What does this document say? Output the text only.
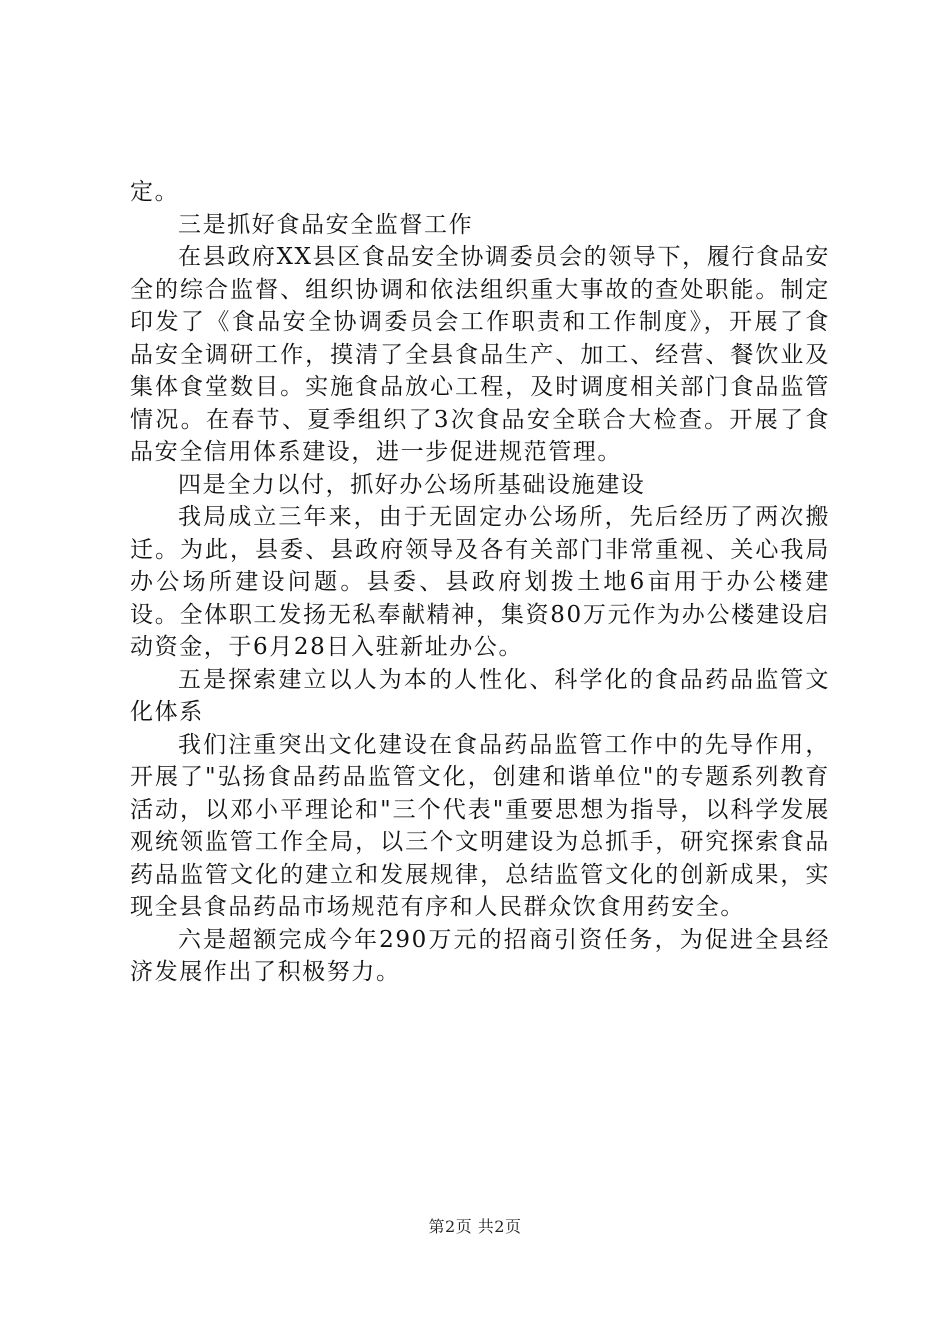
定。

三是抓好食品安全监督工作

在县政府XX县区食品安全协调委员会的领导下，履行食品安全的综合监督、组织协调和依法组织重大事故的查处职能。制定印发了《食品安全协调委员会工作职责和工作制度》，开展了食品安全调研工作，摸清了全县食品生产、加工、经营、餐饮业及集体食堂数目。实施食品放心工程，及时调度相关部门食品监管情况。在春节、夏季组织了3次食品安全联合大检查。开展了食品安全信用体系建设，进一步促进规范管理。

四是全力以付，抓好办公场所基础设施建设

我局成立三年来，由于无固定办公场所，先后经历了两次搬迁。为此，县委、县政府领导及各有关部门非常重视、关心我局办公场所建设问题。县委、县政府划拨土地6亩用于办公楼建设。全体职工发扬无私奉献精神，集资80万元作为办公楼建设启动资金，于6月28日入驻新址办公。

五是探索建立以人为本的人性化、科学化的食品药品监管文化体系

我们注重突出文化建设在食品药品监管工作中的先导作用，开展了"弘扬食品药品监管文化，创建和谐单位"的专题系列教育活动，以邓小平理论和"三个代表"重要思想为指导，以科学发展观统领监管工作全局，以三个文明建设为总抓手，研究探索食品药品监管文化的建立和发展规律，总结监管文化的创新成果，实现全县食品药品市场规范有序和人民群众饮食用药安全。

六是超额完成今年290万元的招商引资任务，为促进全县经济发展作出了积极努力。

第2页 共2页
